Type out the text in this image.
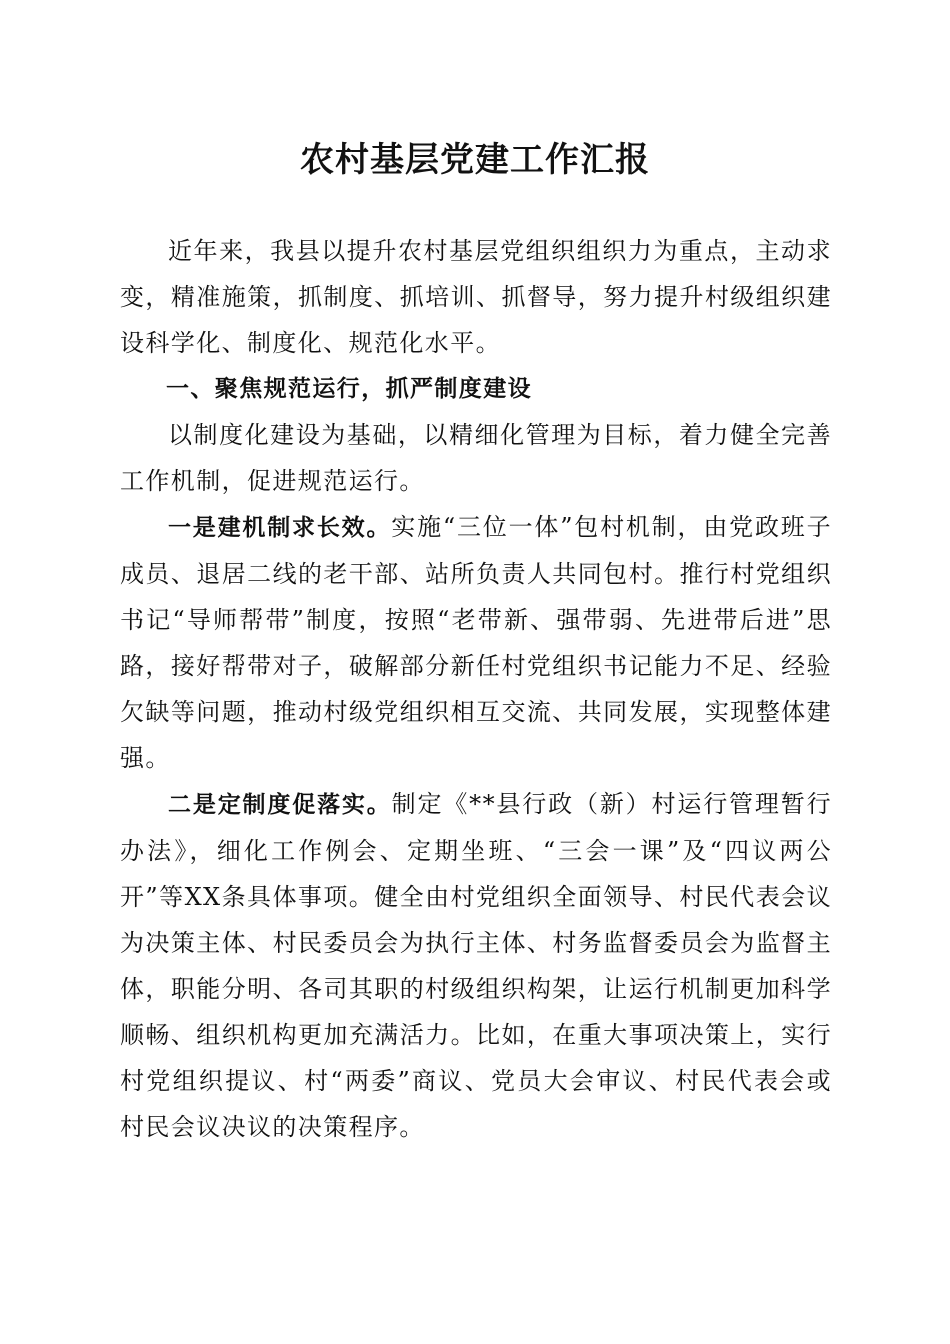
农村基层党建工作汇报

近年来，我县以提升农村基层党组织组织力为重点，主动求变，精准施策，抓制度、抓培训、抓督导，努力提升村级组织建设科学化、制度化、规范化水平。

一、聚焦规范运行，抓严制度建设

以制度化建设为基础，以精细化管理为目标，着力健全完善工作机制，促进规范运行。

一是建机制求长效。实施“三位一体”包村机制，由党政班子成员、退居二线的老干部、站所负责人共同包村。推行村党组织书记“导师帮带”制度，按照“老带新、强带弱、先进带后进”思路，接好帮带对子，破解部分新任村党组织书记能力不足、经验欠缺等问题，推动村级党组织相互交流、共同发展，实现整体建强。

二是定制度促落实。制定《**县行政（新）村运行管理暂行办法》，细化工作例会、定期坐班、“三会一课”及“四议两公开”等XX条具体事项。健全由村党组织全面领导、村民代表会议为决策主体、村民委员会为执行主体、村务监督委员会为监督主体，职能分明、各司其职的村级组织构架，让运行机制更加科学顺畅、组织机构更加充满活力。比如，在重大事项决策上，实行村党组织提议、村“两委”商议、党员大会审议、村民代表会或村民会议决议的决策程序。
